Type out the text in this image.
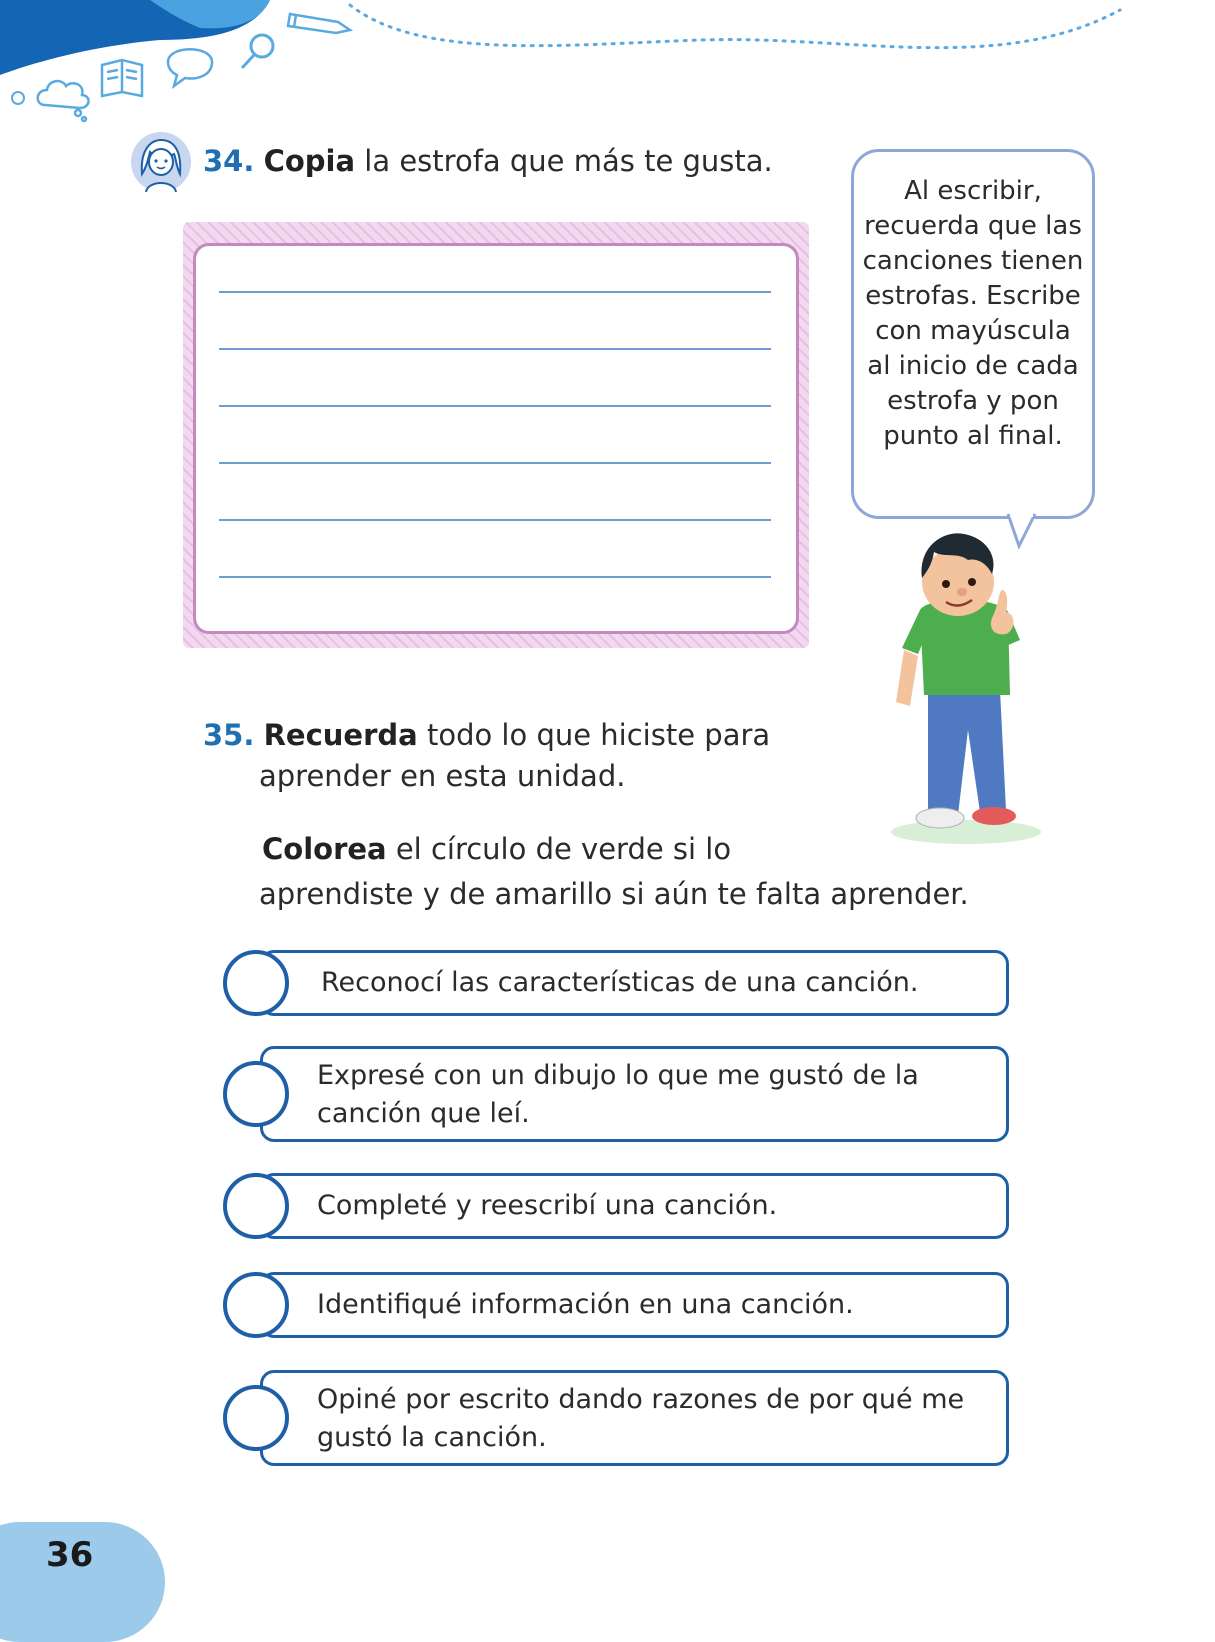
34. Copia la estrofa que más te gusta.
Al escribir, recuerda que las canciones tienen estrofas. Escribe con mayúscula al inicio de cada estrofa y pon punto al final.
35. Recuerda todo lo que hiciste para
aprender en esta unidad.
Colorea el círculo de verde si lo
aprendiste y de amarillo si aún te falta aprender.
Reconocí las características de una canción.
Expresé con un dibujo lo que me gustó de la canción que leí.
Completé y reescribí una canción.
Identifiqué información en una canción.
Opiné por escrito dando razones de por qué me gustó la canción.
36
